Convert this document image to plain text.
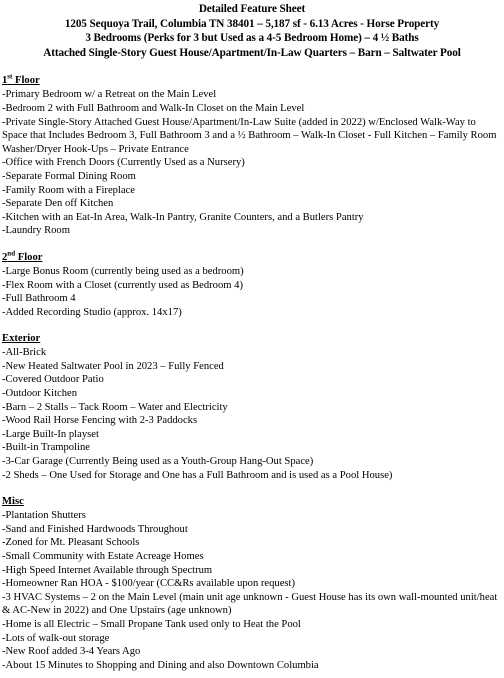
Detailed Feature Sheet
1205 Sequoya Trail, Columbia TN 38401 – 5,187 sf - 6.13 Acres - Horse Property
3 Bedrooms (Perks for 3 but Used as a 4-5 Bedroom Home) – 4 ½ Baths
Attached Single-Story Guest House/Apartment/In-Law Quarters – Barn – Saltwater Pool
1st Floor
-Primary Bedroom w/ a Retreat on the Main Level
-Bedroom 2 with Full Bathroom and Walk-In Closet on the Main Level
-Private Single-Story Attached Guest House/Apartment/In-Law Suite (added in 2022) w/Enclosed Walk-Way to Space that Includes Bedroom 3, Full Bathroom 3 and a ½ Bathroom – Walk-In Closet - Full Kitchen – Family Room Washer/Dryer Hook-Ups – Private Entrance
-Office with French Doors (Currently Used as a Nursery)
-Separate Formal Dining Room
-Family Room with a Fireplace
-Separate Den off Kitchen
-Kitchen with an Eat-In Area, Walk-In Pantry, Granite Counters, and a Butlers Pantry
-Laundry Room
2nd Floor
-Large Bonus Room (currently being used as a bedroom)
-Flex Room with a Closet (currently used as Bedroom 4)
-Full Bathroom 4
-Added Recording Studio (approx. 14x17)
Exterior
-All-Brick
-New Heated Saltwater Pool in 2023 – Fully Fenced
-Covered Outdoor Patio
-Outdoor Kitchen
-Barn – 2 Stalls – Tack Room – Water and Electricity
-Wood Rail Horse Fencing with 2-3 Paddocks
-Large Built-In playset
-Built-in Trampoline
-3-Car Garage (Currently Being used as a Youth-Group Hang-Out Space)
-2 Sheds – One Used for Storage and One has a Full Bathroom and is used as a Pool House)
Misc
-Plantation Shutters
-Sand and Finished Hardwoods Throughout
-Zoned for Mt. Pleasant Schools
-Small Community with Estate Acreage Homes
-High Speed Internet Available through Spectrum
-Homeowner Ran HOA - $100/year (CC&Rs available upon request)
-3 HVAC Systems – 2 on the Main Level (main unit age unknown - Guest House has its own wall-mounted unit/heat & AC-New in 2022) and One Upstairs (age unknown)
-Home is all Electric – Small Propane Tank used only to Heat the Pool
-Lots of walk-out storage
-New Roof added 3-4 Years Ago
-About 15 Minutes to Shopping and Dining and also Downtown Columbia
